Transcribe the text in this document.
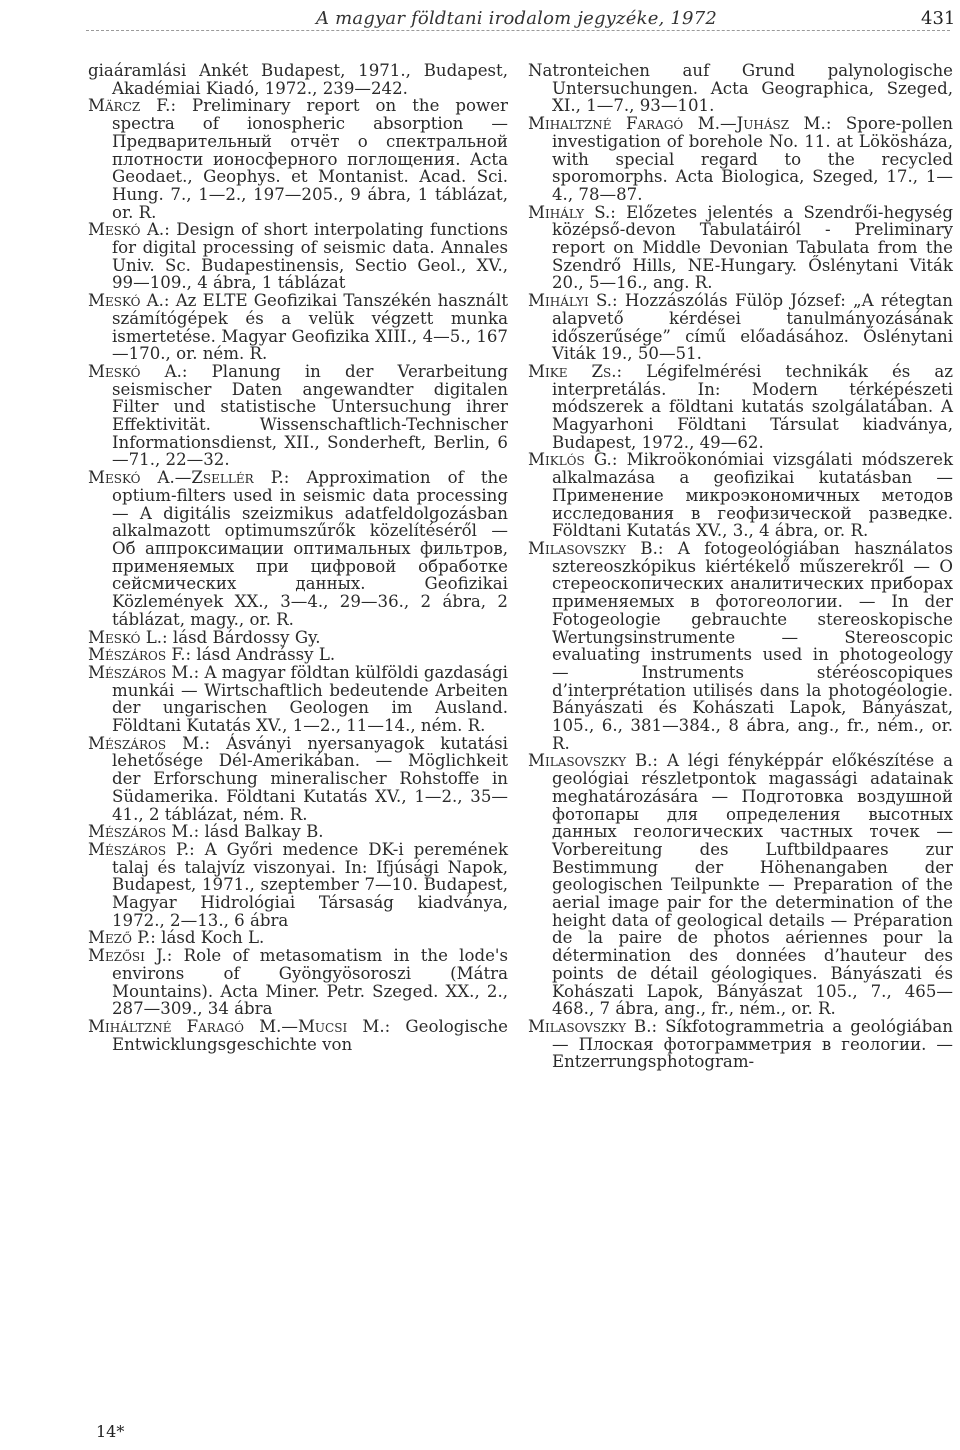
A magyar földtani irodalom jegyzéke, 1972	431
giaáramlási Ankét Budapest, 1971., Budapest, Akadémiai Kiadó, 1972., 239—242.
Märcz F.: Preliminary report on the power spectra of ionospheric absorption — Предварительный отчёт о спектральной плотности ионосферного поглощения. Acta Geodaet., Geophys. et Montanist. Acad. Sci. Hung. 7., 1—2., 197—205., 9 ábra, 1 táblázat, or. R.
Meskó A.: Design of short interpolating functions for digital processing of seismic data. Annales Univ. Sc. Budapestinensis, Sectio Geol., XV., 99—109., 4 ábra, 1 táblázat
Meskó A.: Az ELTE Geofizikai Tanszékén használt számítógépek és a velük végzett munka ismertetése. Magyar Geofizika XIII., 4—5., 167—170., or. ném. R.
Meskó A.: Planung in der Verarbeitung seismischer Daten angewandter digitalen Filter und statistische Untersuchung ihrer Effektivität. Wissenschaftlich-Technischer Informationsdienst, XII., Sonderheft, Berlin, 6—71., 22—32.
Meskó A.—Zsellér P.: Approximation of the optium-filters used in seismic data processing — A digitális szeizmikus adatfeldolgozásban alkalmazott optimumszűrők közelítéséről — Об аппроксимации оптимальных фильтров, применяемых при цифровой обработке сейсмических данных. Geofizikai Közlemények XX., 3—4., 29—36., 2 ábra, 2 táblázat, magy., or. R.
Meskó L.: lásd Bárdossy Gy.
Mészáros F.: lásd Andrássy L.
Mészáros M.: A magyar földtan külföldi gazdasági munkái — Wirtschaftlich bedeutende Arbeiten der ungarischen Geologen im Ausland. Földtani Kutatás XV., 1—2., 11—14., ném. R.
Mészáros M.: Ásványi nyersanyagok kutatási lehetősége Dél-Amerikában. — Möglichkeit der Erforschung mineralischer Rohstoffe in Südamerika. Földtani Kutatás XV., 1—2., 35—41., 2 táblázat, ném. R.
Mészáros M.: lásd Balkay B.
Mészáros P.: A Győri medence DK-i peremének talaj és talajvíz viszonyai. In: Ifjúsági Napok, Budapest, 1971., szeptember 7—10. Budapest, Magyar Hidrológiai Társaság kiadványa, 1972., 2—13., 6 ábra
Mező P.: lásd Koch L.
Mezősi J.: Role of metasomatism in the lode's environs of Gyöngyösoroszi (Mátra Mountains). Acta Miner. Petr. Szeged. XX., 2., 287—309., 34 ábra
Miháltzné Faragó M.—Mucsi M.: Geologische Entwicklungsgeschichte von
Natronteichen auf Grund palynologische Untersuchungen. Acta Geographica, Szeged, XI., 1—7., 93—101.
Mihaltzné Faragó M.—Juhász M.: Spore-pollen investigation of borehole No. 11. at Lökösháza, with special regard to the recycled sporomorphs. Acta Biologica, Szeged, 17., 1—4., 78—87.
Mihály S.: Előzetes jelentés a Szendrői-hegység középső-devon Tabulatáiról - Preliminary report on Middle Devonian Tabulata from the Szendrő Hills, NE-Hungary. Őslénytani Viták 20., 5—16., ang. R.
Mihályi S.: Hozzászólás Fülöp József: „A rétegtan alapvető kérdései tanulmányozásának időszerűsége” című előadásához. Őslénytani Viták 19., 50—51.
Mike Zs.: Légifelmérési technikák és az interpretálás. In: Modern térképészeti módszerek a földtani kutatás szolgálatában. A Magyarhoni Földtani Társulat kiadványa, Budapest, 1972., 49—62.
Miklós G.: Mikroökonómiai vizsgálati módszerek alkalmazása a geofizikai kutatásban — Применение микроэкономичных методов исследования в геофизической разведке. Földtani Kutatás XV., 3., 4 ábra, or. R.
Milasovszky B.: A fotogeológiában használatos sztereoszkópikus kiértékelő műszerekről — О стереоскопических аналитических приборах применяемых в фотогеологии. — In der Fotogeologie gebrauchte stereoskopische Wertungsinstrumente — Stereoscopic evaluating instruments used in photogeology — Instruments stéréoscopiques d’interprétation utilisés dans la photogéologie. Bányászati és Kohászati Lapok, Bányászat, 105., 6., 381—384., 8 ábra, ang., fr., ném., or. R.
Milasovszky B.: A légi fényképpár előkészítése a geológiai részletpontok magassági adatainak meghatározására — Подготовка воздушной фотопары для определения высотных данных геологических частных точек — Vorbereitung des Luftbildpaares zur Bestimmung der Höhenangaben der geologischen Teilpunkte — Preparation of the aerial image pair for the determination of the height data of geological details — Préparation de la paire de photos aériennes pour la détermination des données d’hauteur des points de détail géologiques. Bányászati és Kohászati Lapok, Bányászat 105., 7., 465—468., 7 ábra, ang., fr., ném., or. R.
Milasovszky B.: Síkfotogrammetria a geológiában — Плоская фотограмметрия в геологии. — Entzerrungsphotogram-
14*
